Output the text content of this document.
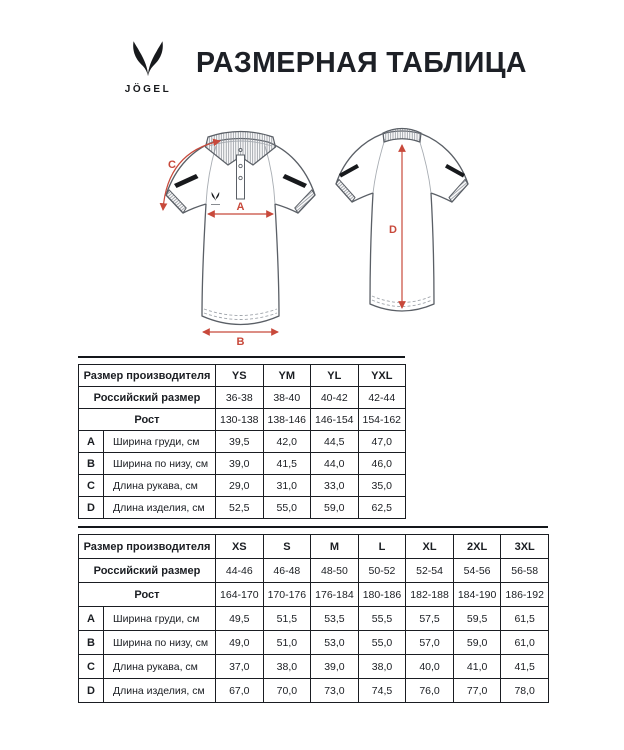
JÖGEL
РАЗМЕРНАЯ ТАБЛИЦА
A
B
C
D
Размер производителя		YS	YM	YL	YXL
Российский размер		36-38	38-40	40-42	42-44
Рост		130-138	138-146	146-154	154-162
A	Ширина груди, см	39,5	42,0	44,5	47,0
B	Ширина по низу, см	39,0	41,5	44,0	46,0
C	Длина рукава, см	29,0	31,0	33,0	35,0
D	Длина изделия, см	52,5	55,0	59,0	62,5
Размер производителя		XS	S	M	L	XL	2XL	3XL
Российский размер		44-46	46-48	48-50	50-52	52-54	54-56	56-58
Рост		164-170	170-176	176-184	180-186	182-188	184-190	186-192
A	Ширина груди, см	49,5	51,5	53,5	55,5	57,5	59,5	61,5
B	Ширина по низу, см	49,0	51,0	53,0	55,0	57,0	59,0	61,0
C	Длина рукава, см	37,0	38,0	39,0	38,0	40,0	41,0	41,5
D	Длина изделия, см	67,0	70,0	73,0	74,5	76,0	77,0	78,0
